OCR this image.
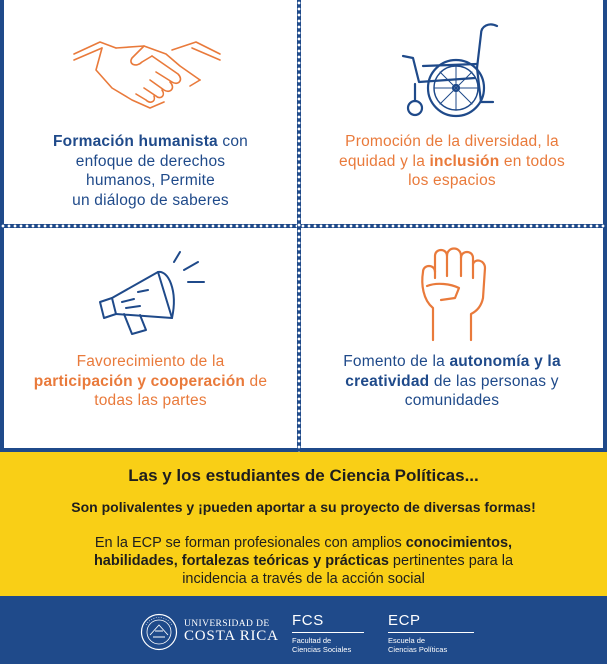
Formación humanista con
enfoque de derechos
humanos, Permite
un diálogo de saberes
Promoción de la diversidad, la
equidad y la inclusión en todos
los espacios
Favorecimiento de la
participación y cooperación de
todas las partes
Fomento de la autonomía y la
creatividad de las personas y
comunidades
Las y los estudiantes de Ciencia Políticas...
Son polivalentes y ¡pueden aportar a su proyecto de diversas formas!
En la ECP se forman profesionales con amplios conocimientos,
habilidades, fortalezas teóricas y prácticas pertinentes para la
incidencia a través de la acción social
UNIVERSIDAD DE
COSTA RICA
FCS
Facultad de
Ciencias Sociales
ECP
Escuela de
Ciencias Políticas
